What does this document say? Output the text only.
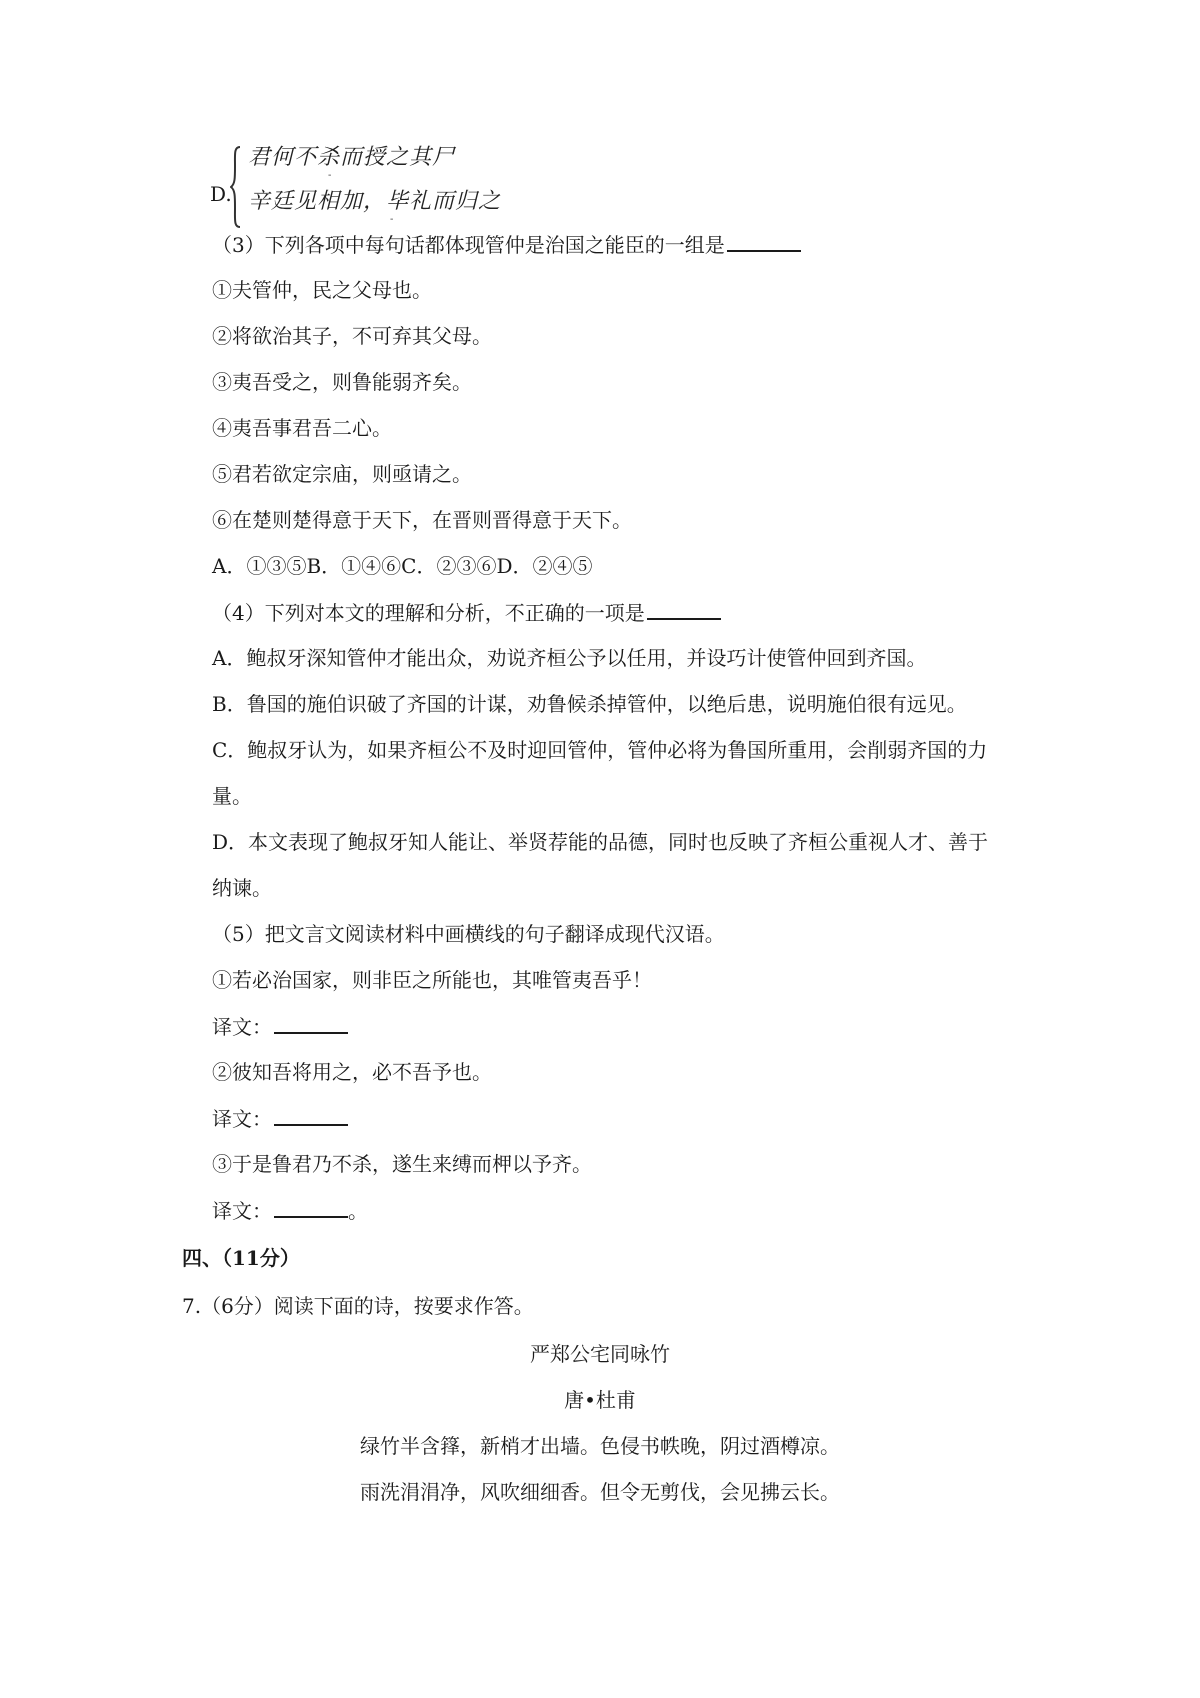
D.
君何不杀而授之其尸
-
辛廷见相加，毕礼而归之
-
（3）下列各项中每句话都体现管仲是治国之能臣的一组是
①夫管仲，民之父母也。
②将欲治其子，不可弃其父母。
③夷吾受之，则鲁能弱齐矣。
④夷吾事君吾二心。
⑤君若欲定宗庙，则亟请之。
⑥在楚则楚得意于天下，在晋则晋得意于天下。
A．①③⑤B．①④⑥C．②③⑥D．②④⑤
（4）下列对本文的理解和分析，不正确的一项是
A．鲍叔牙深知管仲才能出众，劝说齐桓公予以任用，并设巧计使管仲回到齐国。
B．鲁国的施伯识破了齐国的计谋，劝鲁候杀掉管仲，以绝后患，说明施伯很有远见。
C．鲍叔牙认为，如果齐桓公不及时迎回管仲，管仲必将为鲁国所重用，会削弱齐国的力
量。
D．本文表现了鲍叔牙知人能让、举贤荐能的品德，同时也反映了齐桓公重视人才、善于
纳谏。
（5）把文言文阅读材料中画横线的句子翻译成现代汉语。
①若必治国家，则非臣之所能也，其唯管夷吾乎！
译文：
②彼知吾将用之，必不吾予也。
译文：
③于是鲁君乃不杀，遂生来缚而柙以予齐。
译文：	。
四、（11分）
7.（6分）阅读下面的诗，按要求作答。
严郑公宅同咏竹
唐•杜甫
绿竹半含箨，新梢才出墙。色侵书帙晚，阴过酒樽凉。
雨洗涓涓净，风吹细细香。但令无剪伐，会见拂云长。
